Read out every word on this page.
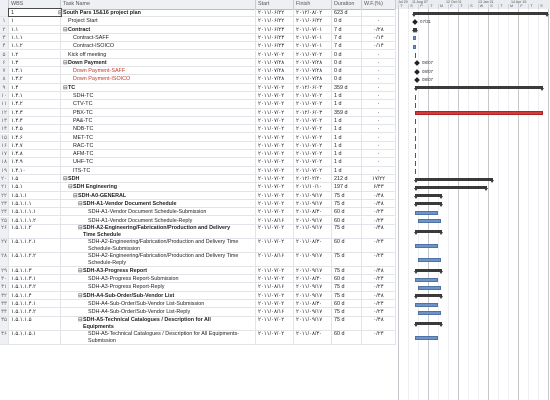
WBS	Task Name	Start	Finish	Duration	W.F.(%)	Jul 29 11 Aug 07	12 Oct 01	13 Jan 21	14 Apr 15
T	S	P	T	M	F	T	S	W	S	T	M	F	T	S
1	⊟ South Pars 15&16 project plan	۲۰۱۱/۰۶/۲۲	۲۰۱۲/۰۸/۰۲	623 d
۱	۱	Project Start	۲۰۱۱/۰۶/۲۲	۲۰۱۱/۰۶/۲۲	0 d	۰
۲	۱.۱	⊟ Contract	۲۰۱۱/۰۶/۲۳	۲۰۱۱/۰۷/۰۱	7 d	۰/۲۸
۳	۱.۱.۱	Contract-SAFF	۲۰۱۱/۰۶/۲۳	۲۰۱۱/۰۷/۰۱	7 d	۰/۱۴
۴	۱.۱.۲	Contract-ISOICO	۲۰۱۱/۰۶/۲۳	۲۰۱۱/۰۷/۰۱	7 d	۰/۱۴
۵	۱.۲	Kick off meeting	۲۰۱۱/۰۷/۰۲	۲۰۱۱/۰۷/۰۲	0 d	۰
۶	۱.۳	⊟ Down Payment	۲۰۱۱/۰۷/۲۸	۲۰۱۱/۰۷/۲۸	0 d	۰
۷	۱.۳.۱	Down Payment-SAFF	۲۰۱۱/۰۷/۲۸	۲۰۱۱/۰۷/۲۸	0 d	۰
۸	۱.۳.۲	Down Payment-ISOICO	۲۰۱۱/۰۷/۲۸	۲۰۱۱/۰۷/۲۸	0 d	۰
۹	۱.۴	⊟ TC	۲۰۱۱/۰۷/۰۲	۲۰۱۲/۰۶/۰۳	359 d	۰
۱۰ ۱.۴.۱	SDH-TC	۲۰۱۱/۰۷/۰۲	۲۰۱۱/۰۷/۰۲	1 d	۰
۱۱ ۱.۴.۲	CTV-TC	۲۰۱۱/۰۷/۰۲	۲۰۱۱/۰۷/۰۲	1 d	۰
۱۲ ۱.۴.۳	PBX-TC	۲۰۱۱/۰۷/۰۲	۲۰۱۲/۰۶/۰۳	359 d	۰
۱۳ ۱.۴.۴	PA&-TC	۲۰۱۱/۰۷/۰۲	۲۰۱۱/۰۷/۰۲	1 d	۰
۱۴ ۱.۴.۵	NDB-TC	۲۰۱۱/۰۷/۰۲	۲۰۱۱/۰۷/۰۲	1 d	۰
۱۵ ۱.۴.۶	MET-TC	۲۰۱۱/۰۷/۰۲	۲۰۱۱/۰۷/۰۲	1 d	۰
۱۶ ۱.۴.۷	RAC-TC	۲۰۱۱/۰۷/۰۲	۲۰۱۱/۰۷/۰۲	1 d	۰
۱۷ ۱.۴.۸	AFM-TC	۲۰۱۱/۰۷/۰۲	۲۰۱۱/۰۷/۰۲	1 d	۰
۱۸ ۱.۴.۹	UHF-TC	۲۰۱۱/۰۷/۰۲	۲۰۱۱/۰۷/۰۲	1 d	۰
۱۹ ۱.۴.۱۰	ITS-TC	۲۰۱۱/۰۷/۰۲	۲۰۱۱/۰۷/۰۲	1 d	۰
۲۰ ۱.۵	⊟ SDH	۲۰۱۱/۰۷/۰۲	۲۰۱۲/۰۲/۲۰	212 d	۱۷/۲۲
۲۱ ۱.۵.۱	⊟ SDH Engineering	۲۰۱۱/۰۷/۰۲	۲۰۱۱/۱۰/۱۰	197 d	۶/۴۳
۲۲ ۱.۵.۱.۱	⊟ SDH-A0-GENERAL	۲۰۱۱/۰۷/۰۲	۲۰۱۱/۰۹/۱۷	75 d	۰/۴۸
۲۳ ۱.۵.۱.۱.۱	⊟ SDH-A1-Vendor Document Schedule	۲۰۱۱/۰۷/۰۲	۲۰۱۱/۰۹/۱۷	75 d	۰/۴۸
۲۴ ۱.۵.۱.۱.۱.۱	SDH-A1-Vendor Document Schedule-Submission	۲۰۱۱/۰۷/۰۲	۲۰۱۱/۰۸/۳۰	60 d	۰/۲۴
۲۵ ۱.۵.۱.۱.۱.۲	SDH-A1-Vendor Document Schedule-Reply	۲۰۱۱/۰۸/۱۶	۲۰۱۱/۰۹/۱۷	60 d	۰/۲۴
۲۶ ۱.۵.۱.۱.۲	⊟ SDH-A2-Engineering/Fabrication/Production and Delivery Time Schedule
۲۰۱۱/۰۷/۰۲	۲۰۱۱/۰۹/۱۷	75 d	۰/۴۸
۲۷ ۱.۵.۱.۱.۲.۱	SDH-A2-Engineering/Fabrication/Production and Delivery Time Schedule-Submission
۲۰۱۱/۰۷/۰۲	۲۰۱۱/۰۸/۳۰	60 d	۰/۲۴
۲۸ ۱.۵.۱.۱.۲.۲	SDH-A2-Engineering/Fabrication/Production and Delivery Time Schedule-Reply
۲۰۱۱/۰۸/۱۶	۲۰۱۱/۰۹/۱۷	75 d	۰/۲۴
۲۹ ۱.۵.۱.۱.۳	⊟ SDH-A3-Progress Report	۲۰۱۱/۰۷/۰۲	۲۰۱۱/۰۹/۱۷	75 d	۰/۴۸
۳۰ ۱.۵.۱.۱.۳.۱	SDH-A3-Progress Report-Submission	۲۰۱۱/۰۷/۰۲	۲۰۱۱/۰۸/۳۰	60 d	۰/۲۴
۳۱ ۱.۵.۱.۱.۳.۲	SDH-A3-Progress Report-Reply	۲۰۱۱/۰۸/۱۶	۲۰۱۱/۰۹/۱۷	75 d	۰/۲۴
۳۲ ۱.۵.۱.۱.۴	⊟ SDH-A4-Sub-Order/Sub-Vendor List	۲۰۱۱/۰۷/۰۲	۲۰۱۱/۰۹/۱۷	75 d	۰/۴۸
۳۳ ۱.۵.۱.۱.۴.۱	SDH-A4-Sub-Order/Sub-Vendor List-Submission	۲۰۱۱/۰۷/۰۲	۲۰۱۱/۰۸/۳۰	60 d	۰/۲۴
۳۴ ۱.۵.۱.۱.۴.۲	SDH-A4-Sub-Order/Sub-Vendor List-Reply	۲۰۱۱/۰۸/۱۶	۲۰۱۱/۰۹/۱۷	75 d	۰/۲۴
۳۵ ۱.۵.۱.۱.۵	⊟ SDH-A5-Technical Catalogues / Description for All Equipments
۲۰۱۱/۰۷/۰۲	۲۰۱۱/۰۹/۱۷	75 d	۰/۴۸
۳۶ ۱.۵.۱.۱.۵.۱	SDH-A5-Technical Catalogues / Description for All Equipments-Submission
۲۰۱۱/۰۷/۰۲	۲۰۱۱/۰۸/۳۰	60 d	۰/۲۴
07/31
08/07
08/07
08/07
